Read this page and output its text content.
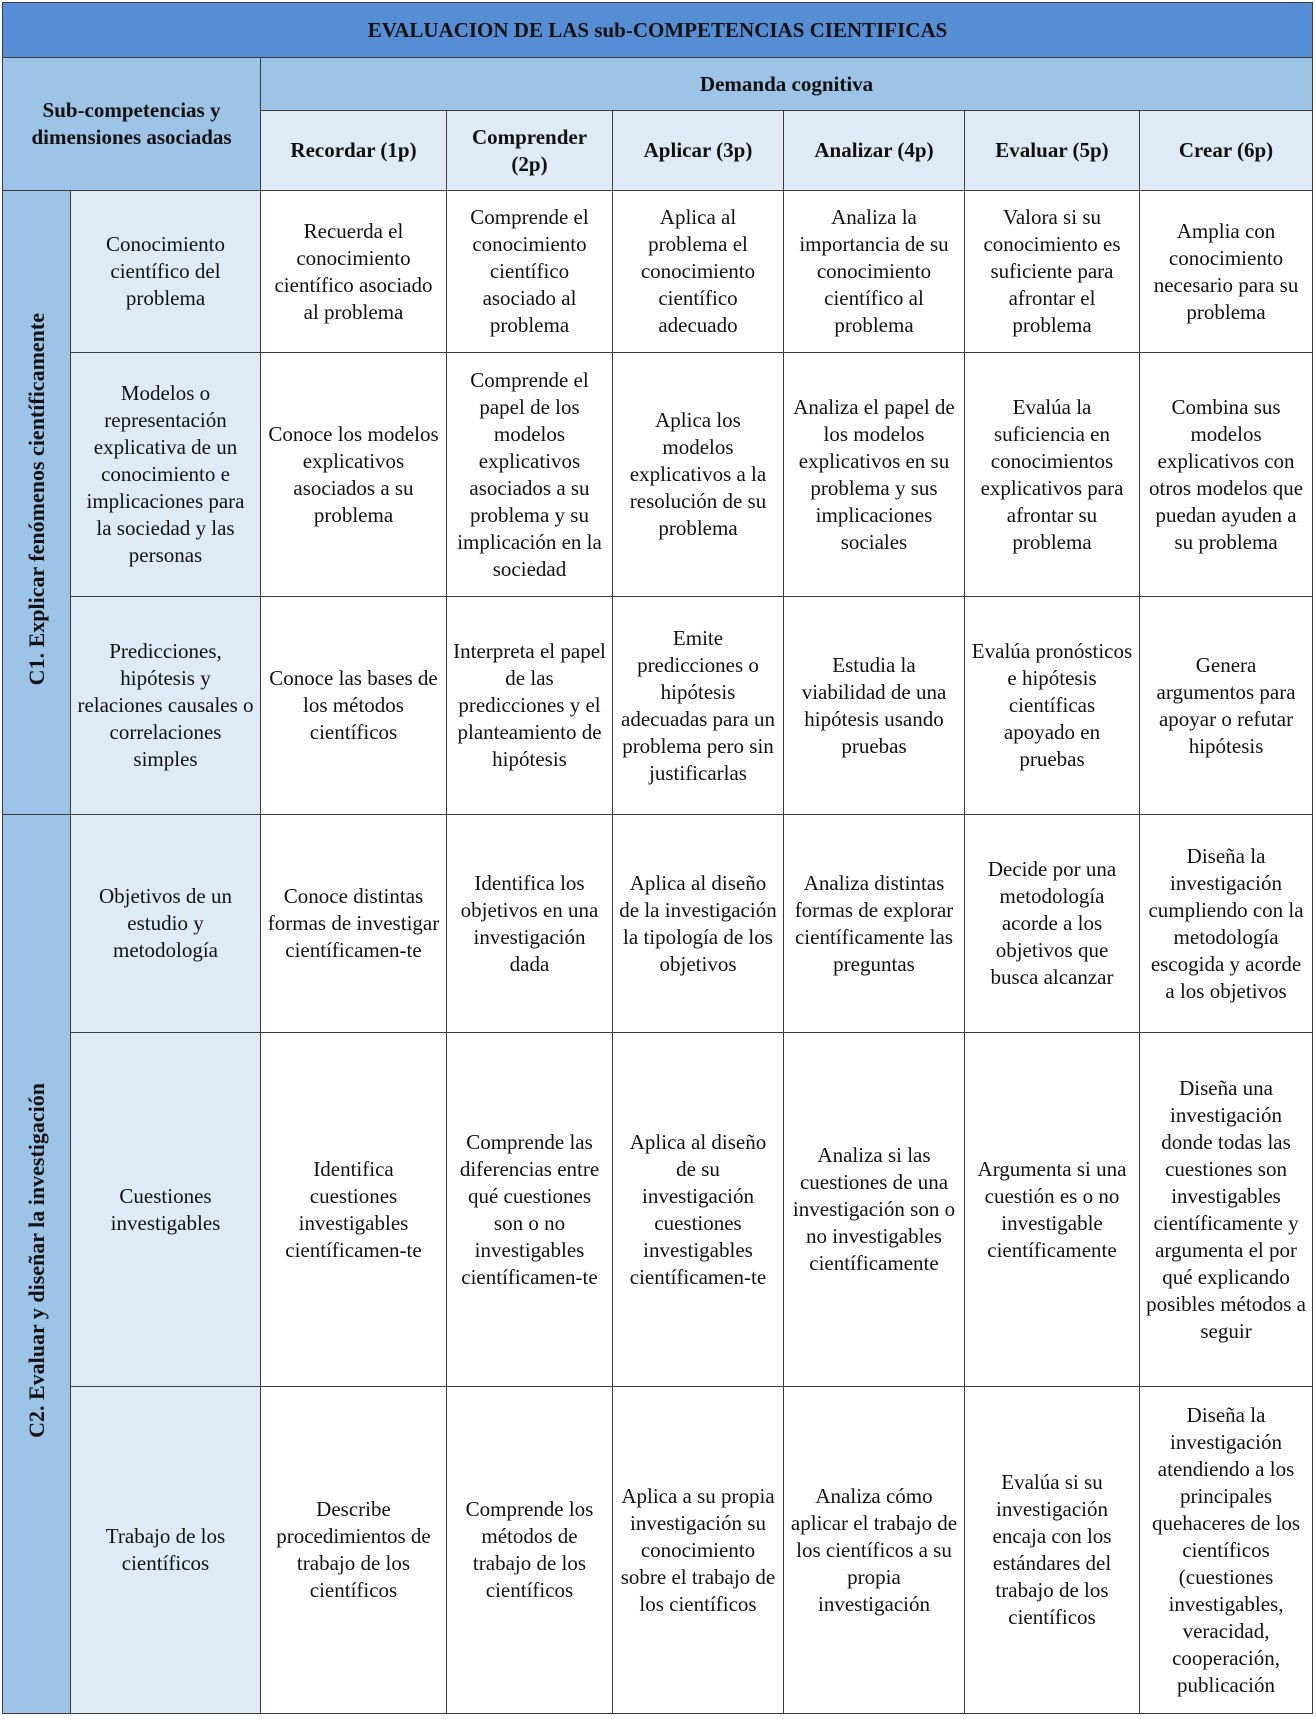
EVALUACION DE LAS sub-COMPETENCIAS CIENTIFICAS							
Sub-competencias y dimensiones asociadas		Demanda cognitiva					
		Recordar (1p)	Comprender (2p)	Aplicar (3p)	Analizar (4p)	Evaluar (5p)	Crear (6p)
C1. Explicar fenómenos científicamente	Conocimiento científico del problema	Recuerda el conocimiento científico asociado al problema	Comprende el conocimiento científico asociado al problema	Aplica al problema el conocimiento científico adecuado	Analiza la importancia de su conocimiento científico al problema	Valora si su conocimiento es suficiente para afrontar el problema	Amplia con conocimiento necesario para su problema
	Modelos o representación explicativa de un conocimiento e implicaciones para la sociedad y las personas	Conoce los modelos explicativos asociados a su problema	Comprende el papel de los modelos explicativos asociados a su problema y su implicación en la sociedad	Aplica los modelos explicativos a la resolución de su problema	Analiza el papel de los modelos explicativos en su problema y sus implicaciones sociales	Evalúa la suficiencia en conocimientos explicativos para afrontar su problema	Combina sus modelos explicativos con otros modelos que puedan ayuden a su problema
	Predicciones, hipótesis y relaciones causales o correlaciones simples	Conoce las bases de los métodos científicos	Interpreta el papel de las predicciones y el planteamiento de hipótesis	Emite predicciones o hipótesis adecuadas para un problema pero sin justificarlas	Estudia la viabilidad de una hipótesis usando pruebas	Evalúa pronósticos e hipótesis científicas apoyado en pruebas	Genera argumentos para apoyar o refutar hipótesis
C2. Evaluar y diseñar la investigación	Objetivos de un estudio y metodología	Conoce distintas formas de investigar científicamen-te	Identifica los objetivos en una investigación dada	Aplica al diseño de la investigación la tipología de los objetivos	Analiza distintas formas de explorar científicamente las preguntas	Decide por una metodología acorde a los objetivos que busca alcanzar	Diseña la investigación cumpliendo con la metodología escogida y acorde a los objetivos
	Cuestiones investigables	Identifica cuestiones investigables científicamen-te	Comprende las diferencias entre qué cuestiones son o no investigables científicamen-te	Aplica al diseño de su investigación cuestiones investigables científicamen-te	Analiza si las cuestiones de una investigación son o no investigables científicamente	Argumenta si una cuestión es o no investigable científicamente	Diseña una investigación donde todas las cuestiones son investigables científicamente y argumenta el por qué explicando posibles métodos a seguir
	Trabajo de los científicos	Describe procedimientos de trabajo de los científicos	Comprende los métodos de trabajo de los científicos	Aplica a su propia investigación su conocimiento sobre el trabajo de los científicos	Analiza cómo aplicar el trabajo de los científicos a su propia investigación	Evalúa si su investigación encaja con los estándares del trabajo de los científicos	Diseña la investigación atendiendo a los principales quehaceres de los científicos (cuestiones investigables, veracidad, cooperación, publicación
